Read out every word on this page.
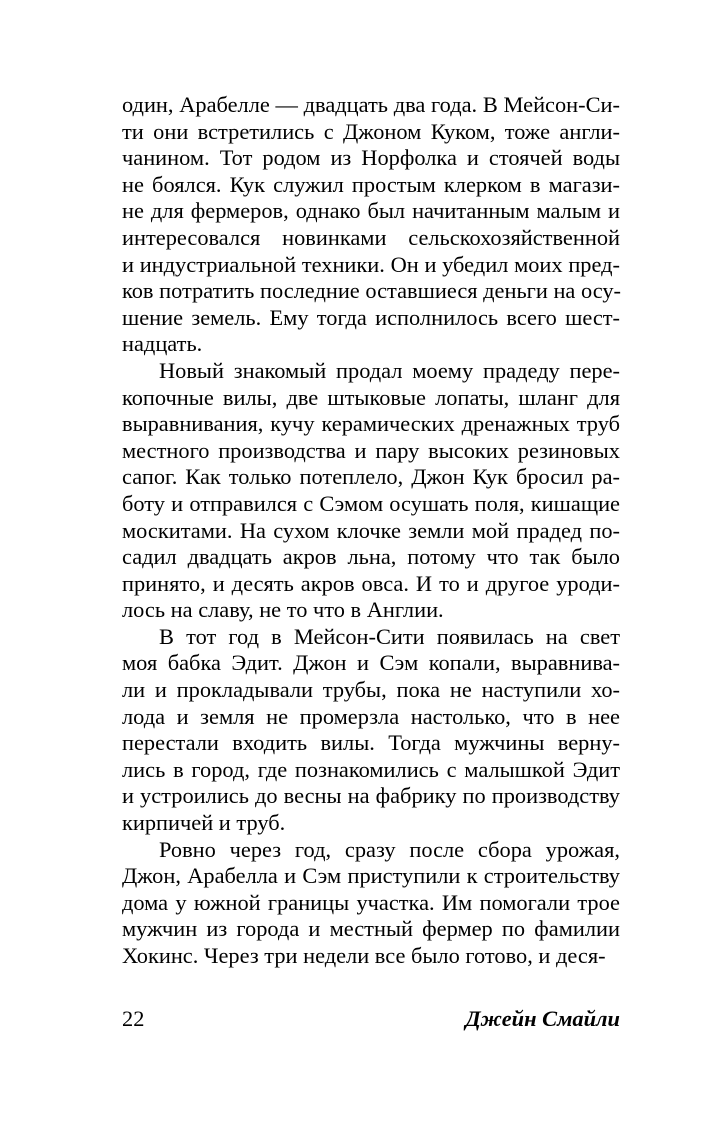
один, Арабелле — двадцать два года. В Мейсон-Си-
ти они встретились с Джоном Куком, тоже англи-
чанином. Тот родом из Норфолка и стоячей воды
не боялся. Кук служил простым клерком в магази-
не для фермеров, однако был начитанным малым и
интересовался новинками сельскохозяйственной
и индустриальной техники. Он и убедил моих пред-
ков потратить последние оставшиеся деньги на осу-
шение земель. Ему тогда исполнилось всего шест-
надцать.
Новый знакомый продал моему прадеду пере-
копочные вилы, две штыковые лопаты, шланг для
выравнивания, кучу керамических дренажных труб
местного производства и пару высоких резиновых
сапог. Как только потеплело, Джон Кук бросил ра-
боту и отправился с Сэмом осушать поля, кишащие
москитами. На сухом клочке земли мой прадед по-
садил двадцать акров льна, потому что так было
принято, и десять акров овса. И то и другое уроди-
лось на славу, не то что в Англии.
В тот год в Мейсон-Сити появилась на свет
моя бабка Эдит. Джон и Сэм копали, выравнива-
ли и прокладывали трубы, пока не наступили хо-
лода и земля не промерзла настолько, что в нее
перестали входить вилы. Тогда мужчины верну-
лись в город, где познакомились с малышкой Эдит
и устроились до весны на фабрику по производству
кирпичей и труб.
Ровно через год, сразу после сбора урожая,
Джон, Арабелла и Сэм приступили к строительству
дома у южной границы участка. Им помогали трое
мужчин из города и местный фермер по фамилии
Хокинс. Через три недели все было готово, и деся-
22	Джейн Смайли
